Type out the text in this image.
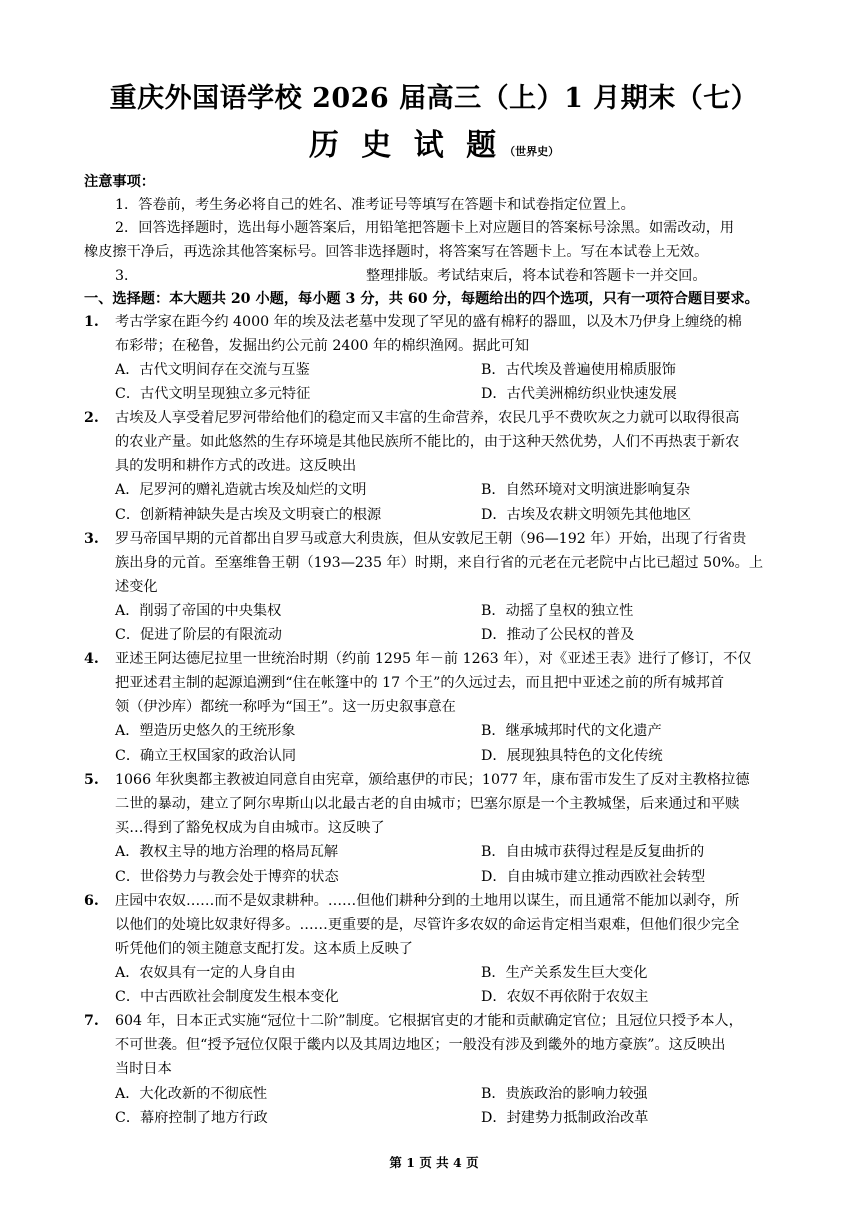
重庆外国语学校 2026 届高三（上）1 月期末（七）
历 史 试 题 （世界史）
注意事项：
1．答卷前，考生务必将自己的姓名、准考证号等填写在答题卡和试卷指定位置上。
2．回答选择题时，选出每小题答案后，用铅笔把答题卡上对应题目的答案标号涂黑。如需改动，用
橡皮擦干净后，再选涂其他答案标号。回答非选择题时，将答案写在答题卡上。写在本试卷上无效。
3．	整理排版。考试结束后，将本试卷和答题卡一并交回。
一、选择题：本大题共 20 小题，每小题 3 分，共 60 分，每题给出的四个选项，只有一项符合题目要求。
1. 考古学家在距今约 4000 年的埃及法老墓中发现了罕见的盛有棉籽的器皿，以及木乃伊身上缠绕的棉
布彩带；在秘鲁，发掘出约公元前 2400 年的棉织渔网。据此可知
A．古代文明间存在交流与互鉴	B．古代埃及普遍使用棉质服饰
C．古代文明呈现独立多元特征	D．古代美洲棉纺织业快速发展
2. 古埃及人享受着尼罗河带给他们的稳定而又丰富的生命营养，农民几乎不费吹灰之力就可以取得很高
的农业产量。如此悠然的生存环境是其他民族所不能比的，由于这种天然优势，人们不再热衷于新农
具的发明和耕作方式的改进。这反映出
A．尼罗河的赠礼造就古埃及灿烂的文明	B．自然环境对文明演进影响复杂
C．创新精神缺失是古埃及文明衰亡的根源	D．古埃及农耕文明领先其他地区
3. 罗马帝国早期的元首都出自罗马或意大利贵族，但从安敦尼王朝（96—192 年）开始，出现了行省贵
族出身的元首。至塞维鲁王朝（193—235 年）时期，来自行省的元老在元老院中占比已超过 50%。上
述变化
A．削弱了帝国的中央集权	B．动摇了皇权的独立性
C．促进了阶层的有限流动	D．推动了公民权的普及
4. 亚述王阿达德尼拉里一世统治时期（约前 1295 年－前 1263 年），对《亚述王表》进行了修订，不仅
把亚述君主制的起源追溯到“住在帐篷中的 17 个王”的久远过去，而且把中亚述之前的所有城邦首
领（伊沙库）都统一称呼为“国王”。这一历史叙事意在
A．塑造历史悠久的王统形象	B．继承城邦时代的文化遗产
C．确立王权国家的政治认同	D．展现独具特色的文化传统
5. 1066 年狄奥都主教被迫同意自由宪章，颁给惠伊的市民；1077 年，康布雷市发生了反对主教格拉德
二世的暴动，建立了阿尔卑斯山以北最古老的自由城市；巴塞尔原是一个主教城堡，后来通过和平赎
买…得到了豁免权成为自由城市。这反映了
A．教权主导的地方治理的格局瓦解	B．自由城市获得过程是反复曲折的
C．世俗势力与教会处于博弈的状态	D．自由城市建立推动西欧社会转型
6. 庄园中农奴……而不是奴隶耕种。……但他们耕种分到的土地用以谋生，而且通常不能加以剥夺，所
以他们的处境比奴隶好得多。……更重要的是，尽管许多农奴的命运肯定相当艰难，但他们很少完全
听凭他们的领主随意支配打发。这本质上反映了
A．农奴具有一定的人身自由	B．生产关系发生巨大变化
C．中古西欧社会制度发生根本变化	D．农奴不再依附于农奴主
7. 604 年，日本正式实施“冠位十二阶”制度。它根据官吏的才能和贡献确定官位；且冠位只授予本人，
不可世袭。但“授予冠位仅限于畿内以及其周边地区；一般没有涉及到畿外的地方豪族”。这反映出
当时日本
A．大化改新的不彻底性	B．贵族政治的影响力较强
C．幕府控制了地方行政	D．封建势力抵制政治改革
第 1 页 共 4 页
